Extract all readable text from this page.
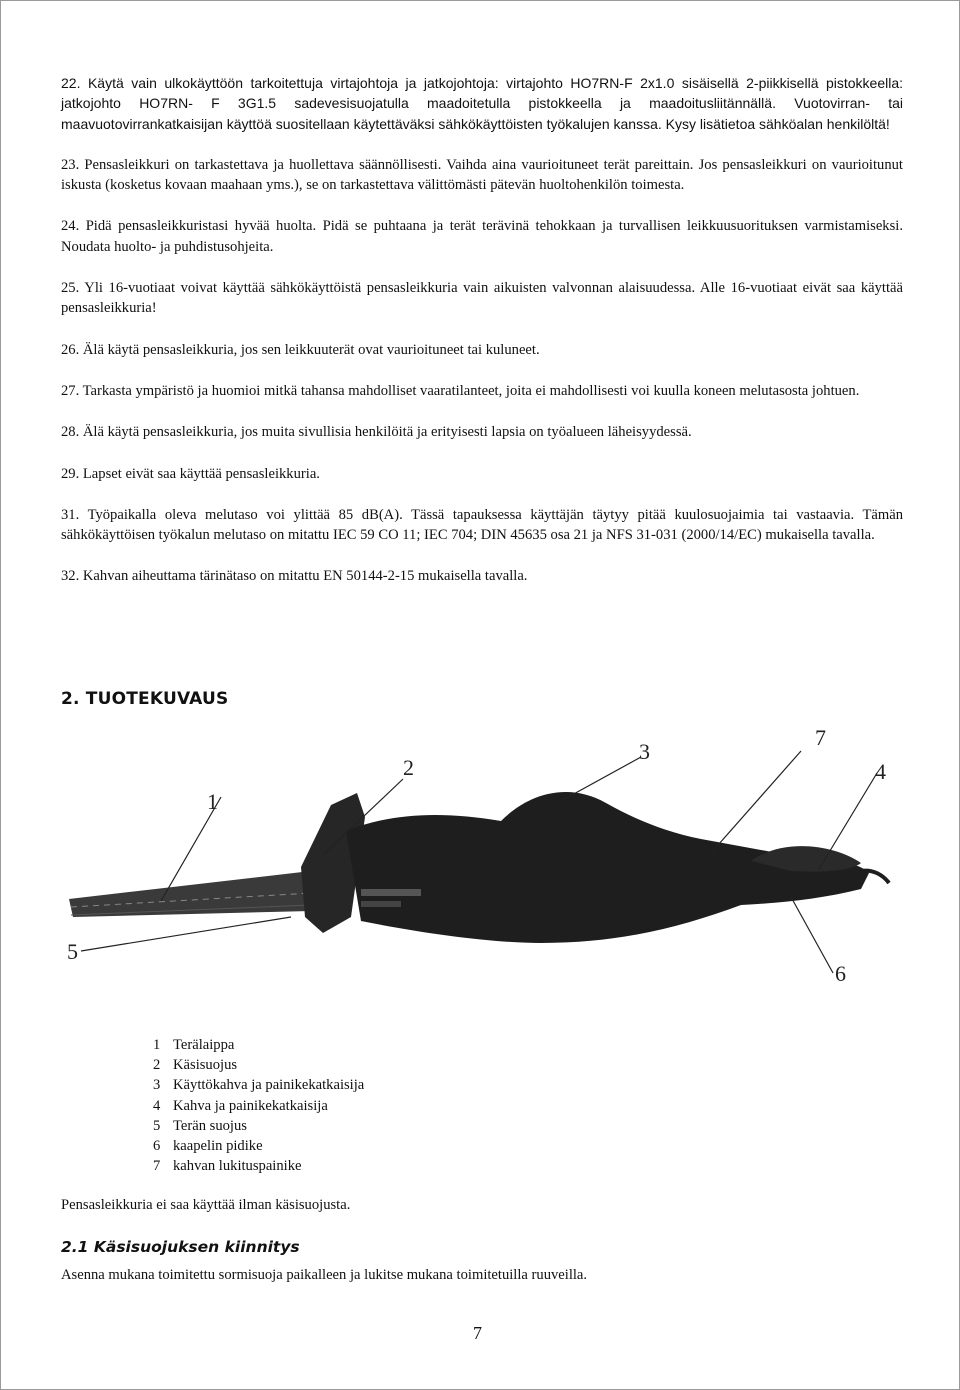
22. Käytä vain ulkokäyttöön tarkoitettuja virtajohtoja ja jatkojohtoja: virtajohto HO7RN-F 2x1.0 sisäisellä 2-piikkisellä pistokkeella: jatkojohto HO7RN- F 3G1.5 sadevesisuojatulla maadoitetulla pistokkeella ja maadoitusliitännällä. Vuotovirran- tai maavuotovirrankatkaisijan käyttöä suositellaan käytettäväksi sähkökäyttöisten työkalujen kanssa. Kysy lisätietoa sähköalan henkilöltä!

23. Pensasleikkuri on tarkastettava ja huollettava säännöllisesti. Vaihda aina vaurioituneet terät pareittain. Jos pensasleikkuri on vaurioitunut iskusta (kosketus kovaan maahaan yms.), se on tarkastettava välittömästi pätevän huoltohenkilön toimesta.

24. Pidä pensasleikkuristasi hyvää huolta. Pidä se puhtaana ja terät terävinä tehokkaan ja turvallisen leikkuusuorituksen varmistamiseksi. Noudata huolto- ja puhdistusohjeita.

25. Yli 16-vuotiaat voivat käyttää sähkökäyttöistä pensasleikkuria vain aikuisten valvonnan alaisuudessa. Alle 16-vuotiaat eivät saa käyttää pensasleikkuria!

26. Älä käytä pensasleikkuria, jos sen leikkuuterät ovat vaurioituneet tai kuluneet.

27. Tarkasta ympäristö ja huomioi mitkä tahansa mahdolliset vaaratilanteet, joita ei mahdollisesti voi kuulla koneen melutasosta johtuen.

28. Älä käytä pensasleikkuria, jos muita sivullisia henkilöitä ja erityisesti lapsia on työalueen läheisyydessä.

29. Lapset eivät saa käyttää pensasleikkuria.

31. Työpaikalla oleva melutaso voi ylittää 85 dB(A). Tässä tapauksessa käyttäjän täytyy pitää kuulosuojaimia tai vastaavia. Tämän sähkökäyttöisen työkalun melutaso on mitattu IEC 59 CO 11; IEC 704; DIN 45635 osa 21 ja NFS 31-031 (2000/14/EC) mukaisella tavalla.

32. Kahvan aiheuttama tärinätaso on mitattu EN 50144-2-15 mukaisella tavalla.

2. TUOTEKUVAUS
1
2
3
4
5
6
7
1 Terälaippa
2 Käsisuojus
3 Käyttökahva ja painikekatkaisija
4 Kahva ja painikekatkaisija
5 Terän suojus
6 kaapelin pidike
7 kahvan lukituspainike
Pensasleikkuria ei saa käyttää ilman käsisuojusta.
2.1 Käsisuojuksen kiinnitys
Asenna mukana toimitettu sormisuoja paikalleen ja lukitse mukana toimitetuilla ruuveilla.
7
